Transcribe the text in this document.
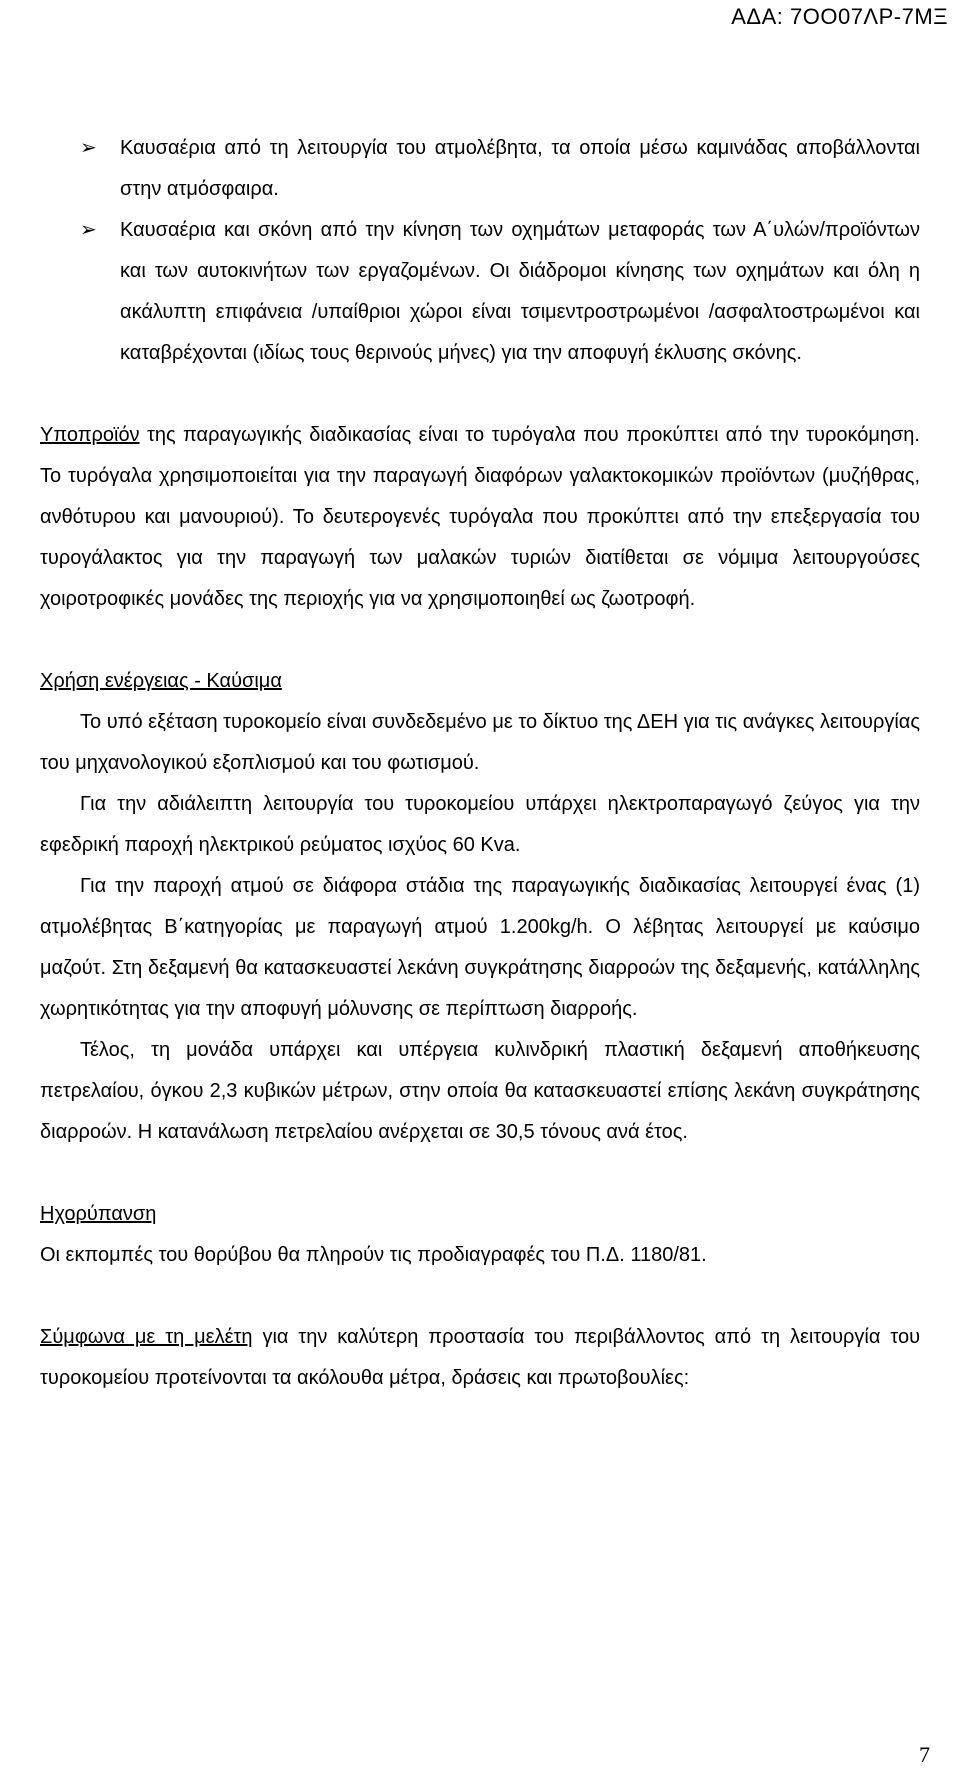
ΑΔΑ: 7ΟΟ07ΛΡ-7ΜΞ
➢ Καυσαέρια από τη λειτουργία του ατμολέβητα, τα οποία μέσω καμινάδας αποβάλλονται στην ατμόσφαιρα.
➢ Καυσαέρια και σκόνη από την κίνηση των οχημάτων μεταφοράς των Α΄υλών/προϊόντων και των αυτοκινήτων των εργαζομένων. Οι διάδρομοι κίνησης των οχημάτων και όλη η ακάλυπτη επιφάνεια /υπαίθριοι χώροι είναι τσιμεντροστρωμένοι /ασφαλτοστρωμένοι και καταβρέχονται (ιδίως τους θερινούς μήνες) για την αποφυγή έκλυσης σκόνης.

Υποπροϊόν της παραγωγικής διαδικασίας είναι το τυρόγαλα που προκύπτει από την τυροκόμηση. Το τυρόγαλα χρησιμοποιείται για την παραγωγή διαφόρων γαλακτοκομικών προϊόντων (μυζήθρας, ανθότυρου και μανουριού). Το δευτερογενές τυρόγαλα που προκύπτει από την επεξεργασία του τυρογάλακτος για την παραγωγή των μαλακών τυριών διατίθεται σε νόμιμα λειτουργούσες χοιροτροφικές μονάδες της περιοχής για να χρησιμοποιηθεί ως ζωοτροφή.

Χρήση ενέργειας - Καύσιμα

Το υπό εξέταση τυροκομείο είναι συνδεδεμένο με το δίκτυο της ΔΕΗ για τις ανάγκες λειτουργίας του μηχανολογικού εξοπλισμού και του φωτισμού.

Για την αδιάλειπτη λειτουργία του τυροκομείου υπάρχει ηλεκτροπαραγωγό ζεύγος για την εφεδρική παροχή ηλεκτρικού ρεύματος ισχύος 60 Kva.

Για την παροχή ατμού σε διάφορα στάδια της παραγωγικής διαδικασίας λειτουργεί ένας (1) ατμολέβητας Β΄κατηγορίας με παραγωγή ατμού 1.200kg/h. Ο λέβητας λειτουργεί με καύσιμο μαζούτ. Στη δεξαμενή θα κατασκευαστεί λεκάνη συγκράτησης διαρροών της δεξαμενής, κατάλληλης χωρητικότητας για την αποφυγή μόλυνσης σε περίπτωση διαρροής.

Τέλος, τη μονάδα υπάρχει και υπέργεια κυλινδρική πλαστική δεξαμενή αποθήκευσης πετρελαίου, όγκου 2,3 κυβικών μέτρων, στην οποία θα κατασκευαστεί επίσης λεκάνη συγκράτησης διαρροών. Η κατανάλωση πετρελαίου ανέρχεται σε 30,5 τόνους ανά έτος.

Ηχορύπανση

Οι εκπομπές του θορύβου θα πληρούν τις προδιαγραφές του Π.Δ. 1180/81.

Σύμφωνα με τη μελέτη για την καλύτερη προστασία του περιβάλλοντος από τη λειτουργία του τυροκομείου προτείνονται τα ακόλουθα μέτρα, δράσεις και πρωτοβουλίες:

7
